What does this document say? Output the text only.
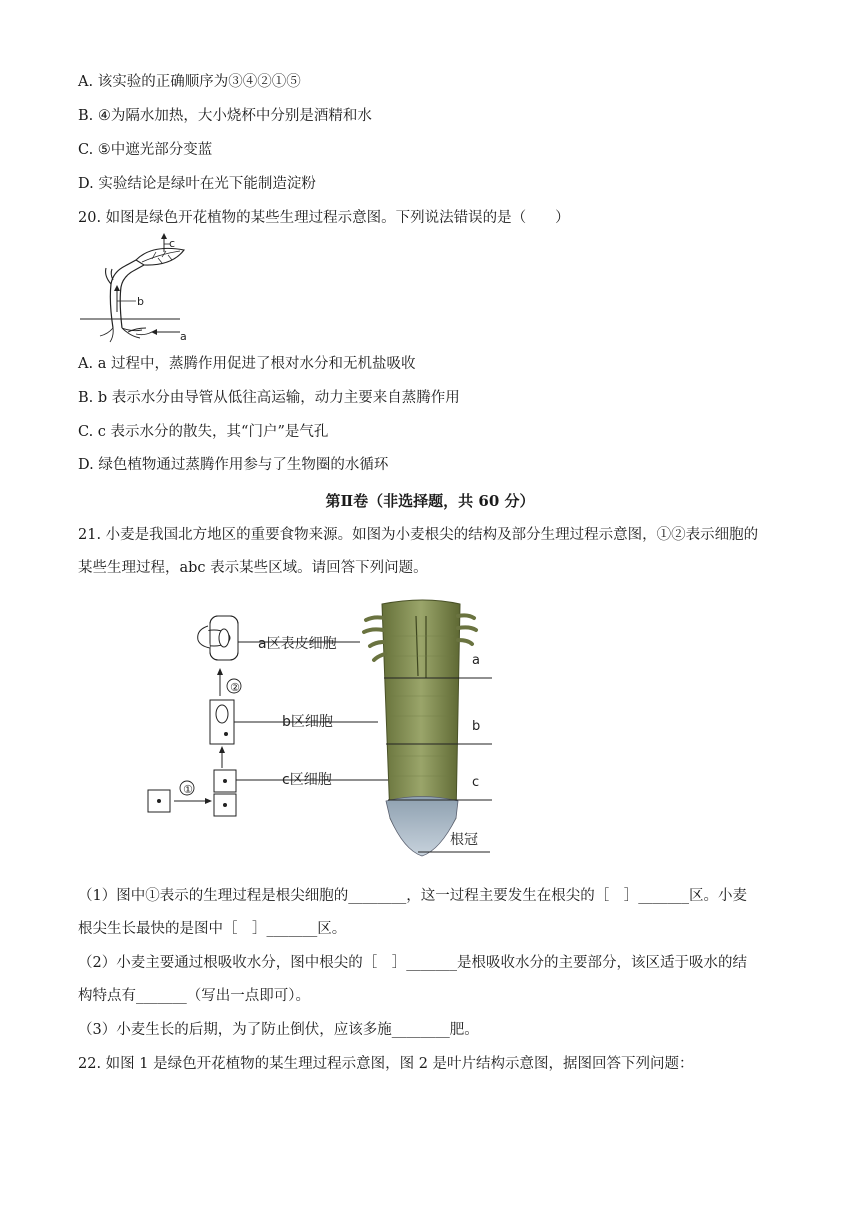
A. 该实验的正确顺序为③④②①⑤
B. ④为隔水加热，大小烧杯中分别是酒精和水
C. ⑤中遮光部分变蓝
D. 实验结论是绿叶在光下能制造淀粉
20. 如图是绿色开花植物的某些生理过程示意图。下列说法错误的是（　　）
c
b
a
A. a 过程中，蒸腾作用促进了根对水分和无机盐吸收
B. b 表示水分由导管从低往高运输，动力主要来自蒸腾作用
C. c 表示水分的散失，其“门户”是气孔
D. 绿色植物通过蒸腾作用参与了生物圈的水循环
第Ⅱ卷（非选择题，共 60 分）
21. 小麦是我国北方地区的重要食物来源。如图为小麦根尖的结构及部分生理过程示意图，①②表示细胞的
某些生理过程，abc 表示某些区域。请回答下列问题。
a
b
c
根冠
a区表皮细胞
②
b区细胞
c区细胞
①
（1）图中①表示的生理过程是根尖细胞的________，这一过程主要发生在根尖的［　］_______区。小麦
根尖生长最快的是图中［　］_______区。
（2）小麦主要通过根吸收水分，图中根尖的［　］_______是根吸收水分的主要部分，该区适于吸水的结
构特点有_______（写出一点即可）。
（3）小麦生长的后期，为了防止倒伏，应该多施________肥。
22. 如图 1 是绿色开花植物的某生理过程示意图，图 2 是叶片结构示意图，据图回答下列问题：
